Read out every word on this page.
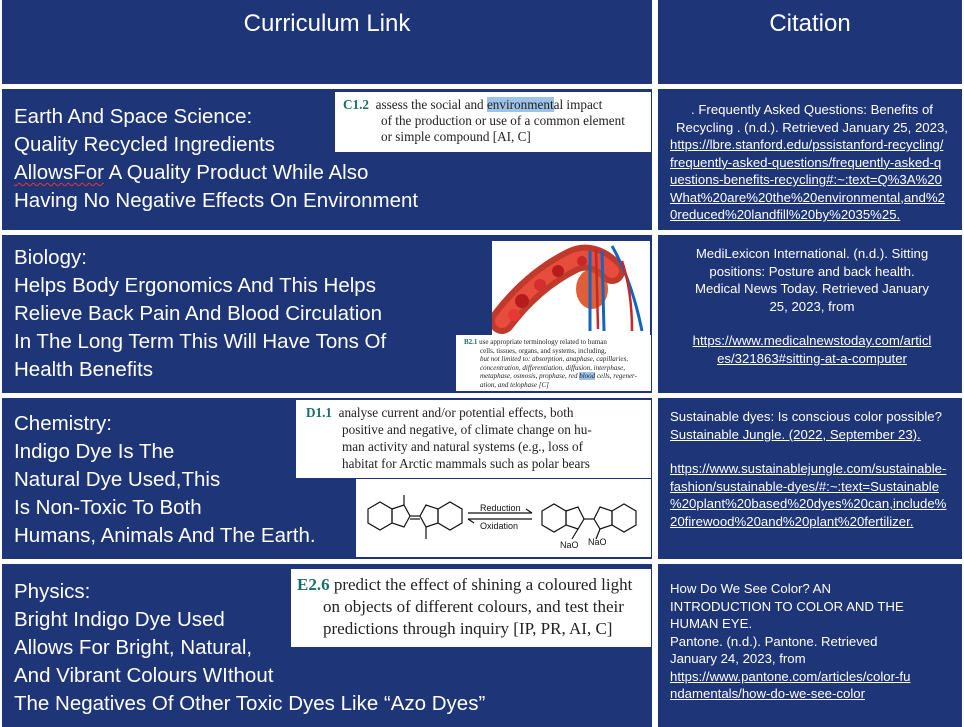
Curriculum Link	Citation
Earth And Space Science:
Quality Recycled Ingredients
AllowsFor A Quality Product While Also
Having No Negative Effects On Environment
C1.2 assess the social and environmental impact
of the production or use of a common element
or simple compound [AI, C]
. Frequently Asked Questions: Benefits of
Recycling . (n.d.). Retrieved January 25, 2023,
https://lbre.stanford.edu/pssistanford-recycling/
frequently-asked-questions/frequently-asked-q
uestions-benefits-recycling#:~:text=Q%3A%20
What%20are%20the%20environmental,and%2
0reduced%20landfill%20by%2035%25.
Biology:
Helps Body Ergonomics And This Helps
Relieve Back Pain And Blood Circulation
In The Long Term This Will Have Tons Of
Health Benefits
B2.1 use appropriate terminology related to human
cells, tissues, organs, and systems, including,
but not limited to: absorption, anaphase, capillaries,
concentration, differentiation, diffusion, interphase,
metaphase, osmosis, prophase, red blood cells, regener-
ation, and telophase [C]
MediLexicon International. (n.d.). Sitting
positions: Posture and back health.
Medical News Today. Retrieved January
25, 2023, from
https://www.medicalnewstoday.com/articl
es/321863#sitting-at-a-computer
Chemistry:
Indigo Dye Is The
Natural Dye Used,This
Is Non-Toxic To Both
Humans, Animals And The Earth.
D1.1 analyse current and/or potential effects, both
positive and negative, of climate change on hu-
man activity and natural systems (e.g., loss of
habitat for Arctic mammals such as polar bears
Reduction
Oxidation
NaO NaO
Sustainable dyes: Is conscious color possible?
Sustainable Jungle. (2022, September 23).
https://www.sustainablejungle.com/sustainable-
fashion/sustainable-dyes/#:~:text=Sustainable
%20plant%20based%20dyes%20can,include%
20firewood%20and%20plant%20fertilizer.
Physics:
Bright Indigo Dye Used
Allows For Bright, Natural,
And Vibrant Colours WIthout
The Negatives Of Other Toxic Dyes Like “Azo Dyes”
E2.6 predict the effect of shining a coloured light
on objects of different colours, and test their
predictions through inquiry [IP, PR, AI, C]
How Do We See Color? AN
INTRODUCTION TO COLOR AND THE
HUMAN EYE.
Pantone. (n.d.). Pantone. Retrieved
January 24, 2023, from
https://www.pantone.com/articles/color-fu
ndamentals/how-do-we-see-color
